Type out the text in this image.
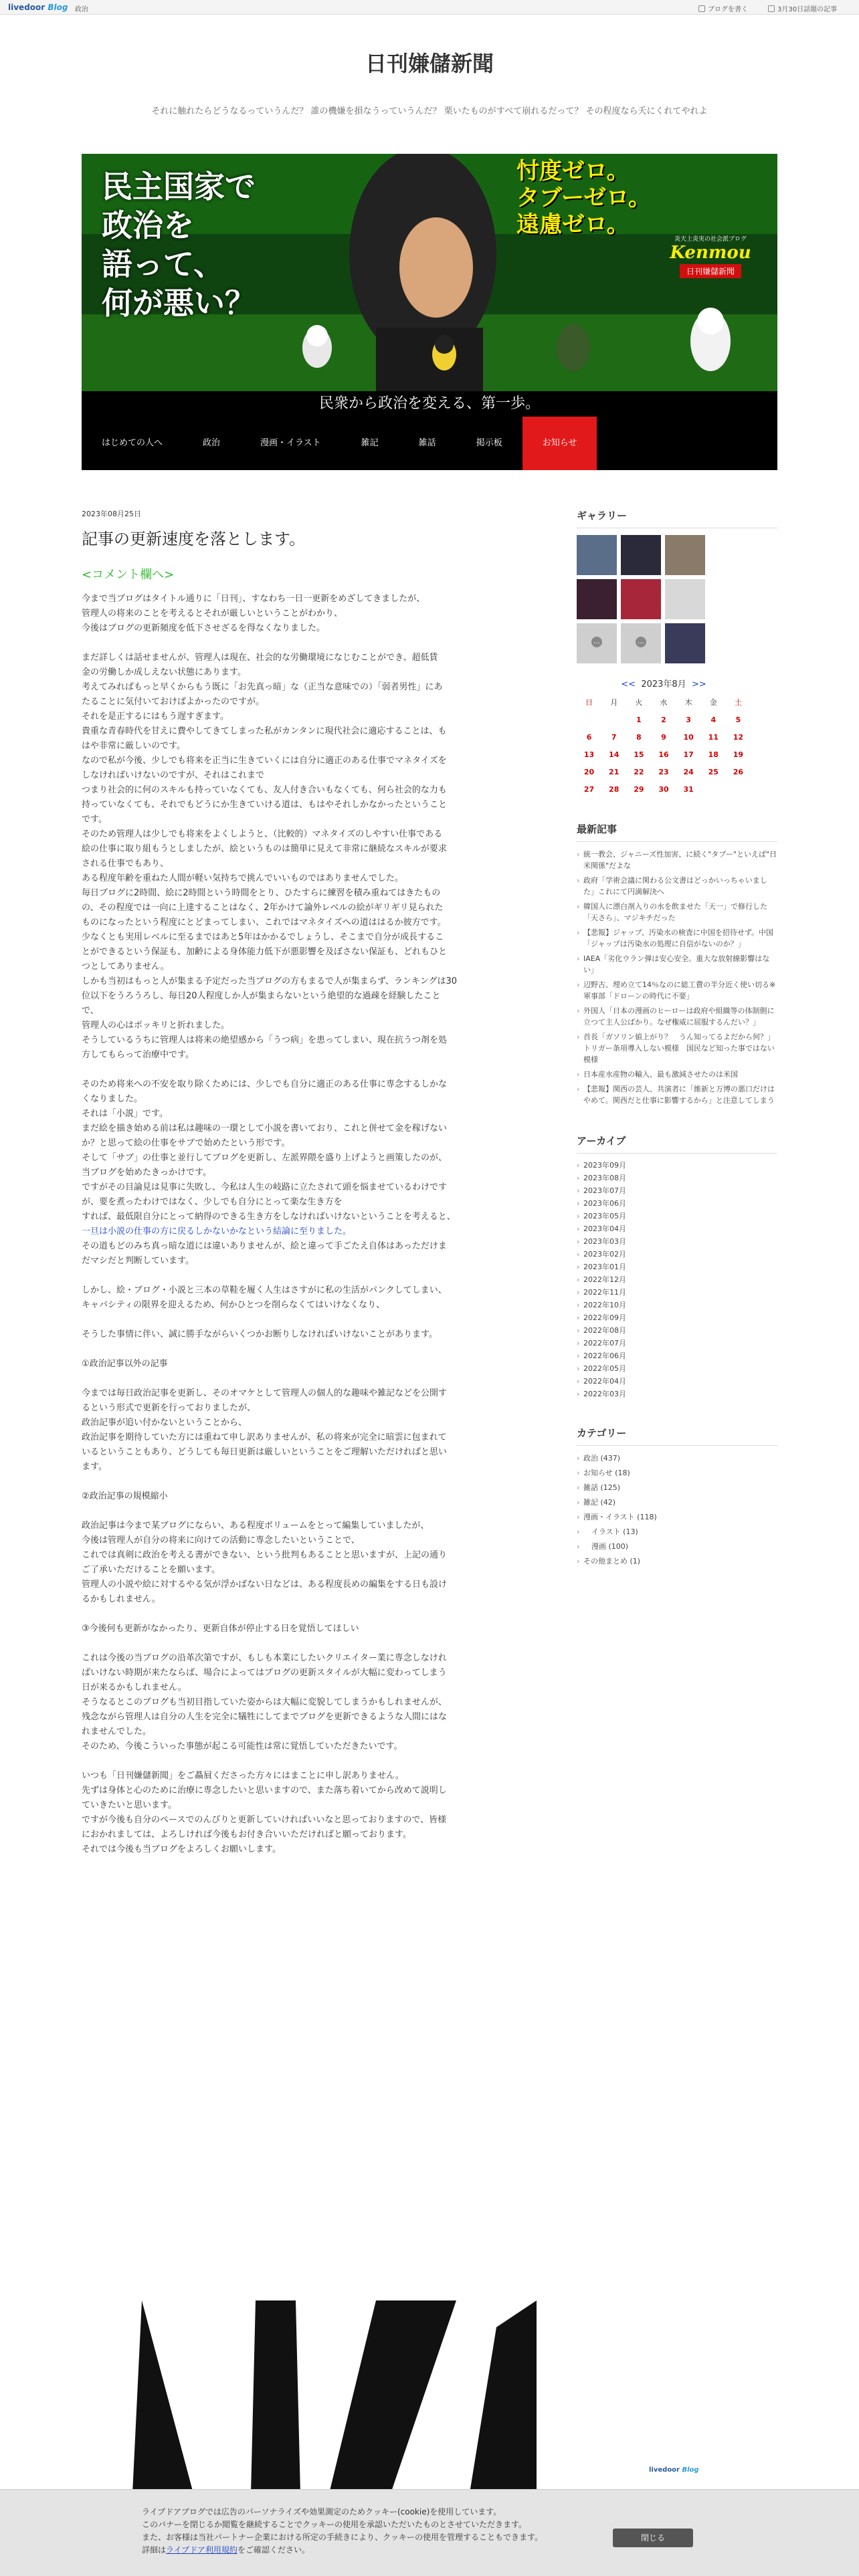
livedoor Blog 政治	ブログを書く	3月30日話題の記事
日刊嫌儲新聞
それに触れたらどうなるっていうんだ？ 誰の機嫌を損なうっていうんだ？ 栗いたものがすべて崩れるだって？ その程度なら夭にくれてやれよ
民主国家で
政治を
語って、
何が悪い？
忖度ゼロ。
タブーゼロ。
遠慮ゼロ。
炎天上炎実の社会派ブログ
Kenmou
日刊嫌儲新聞
民衆から政治を変える、第一歩。
はじめての人へ	政治	漫画・イラスト	雑記	雑話	掲示板	お知らせ
2023年08月25日
記事の更新速度を落とします。
<コメント欄へ>

今まで当ブログはタイトル通りに「日刊」、すなわち一日一更新をめざしてきましたが、

管理人の将来のことを考えるとそれが厳しいということがわかり、

今後はブログの更新頻度を低下させざるを得なくなりました。

まだ詳しくは話せませんが、管理人は現在、社会的な労働環境になじむことができ、超低賃

金の労働しか成しえない状態にあります。

考えてみればもっと早くからもう既に「お先真っ暗」な（正当な意味での）「弱者男性」にあ

たることに気付いておけばよかったのですが。

それを是正するにはもう遅すぎます。

貴重な青春時代を甘えに費やしてきてしまった私がカンタンに現代社会に適応することは、も

はや非常に厳しいのです。

なので私が今後、少しでも将来を正当に生きていくには自分に適正のある仕事でマネタイズを

しなければいけないのですが、それはこれまで

つまり社会的に何のスキルも持っていなくても、友人付き合いもなくても、何ら社会的な力も

持っていなくても、それでもどうにか生きていける道は、もはやそれしかなかったということ

です。

そのため管理人は少しでも将来をよくしようと、（比較的）マネタイズのしやすい仕事である

絵の仕事に取り組もうとしましたが、絵というものは簡単に見えて非常に継続なスキルが要求

される仕事でもあり、

ある程度年齢を重ねた人間が軽い気持ちで挑んでいいものではありませんでした。

毎日ブログに2時間、絵に2時間という時間をとり、ひたすらに練習を積み重ねてはきたもの

の、その程度では一向に上達することはなく、2年かけて論外レベルの絵がギリギリ見られた

ものになったという程度にとどまってしまい、これではマネタイズへの道ははるか彼方です。

少なくとも実用レベルに至るまではあと5年はかかるでしょうし、そこまで自分が成長するこ

とができるという保証も、加齢による身体能力低下が悪影響を及ぼさない保証も、どれもひと

つとしてありません。

しかも当初はもっと人が集まる予定だった当ブログの方もまるで人が集まらず、ランキングは30

位以下をうろうろし、毎日20人程度しか人が集まらないという絶望的な過疎を経験したこと

で、

管理人の心はポッキリと折れました。

そうしているうちに管理人は将来の絶望感から「うつ病」を患ってしまい、現在抗うつ剤を処

方してもらって治療中です。

そのため将来への不安を取り除くためには、少しでも自分に適正のある仕事に専念するしかな

くなりました。

それは「小説」です。

まだ絵を描き始める前は私は趣味の一環として小説を書いており、これと併せて金を稼げない

か？と思って絵の仕事をサブで始めたという形です。

そして「サブ」の仕事と並行してブログを更新し、左派界隈を盛り上げようと画策したのが、

当ブログを始めたきっかけです。

ですがその目論見は見事に失敗し、今私は人生の岐路に立たされて頭を悩ませているわけです

が、要を煮ったわけではなく、少しでも自分にとって楽な生き方を

すれば、最低限自分にとって納得のできる生き方をしなければいけないということを考えると、

一旦は小説の仕事の方に戻るしかないかなという結論に至りました。

その道もどのみち真っ暗な道には違いありませんが、絵と違って手ごたえ自体はあっただけま

だマシだと判断しています。

しかし、絵・ブログ・小説と三本の草鞋を履く人生はさすがに私の生活がパンクしてしまい、

キャパシティの限界を迎えるため、何かひとつを削らなくてはいけなくなり、

そうした事情に伴い、誠に勝手ながらいくつかお断りしなければいけないことがあります。

①政治記事以外の記事

今までは毎日政治記事を更新し、そのオマケとして管理人の個人的な趣味や雑記などを公開す

るという形式で更新を行っておりましたが、

政治記事が追い付かないということから、

政治記事を期待していた方には重ねて申し訳ありませんが、私の将来が完全に暗雲に包まれて

いるということもあり、どうしても毎日更新は厳しいということをご理解いただければと思い

ます。

②政治記事の規模縮小

政治記事は今まで某ブログにならい、ある程度ボリュームをとって編集していましたが、

今後は管理人が自分の将来に向けての活動に専念したいということで、

これでは真剣に政治を考える書ができない、という批判もあることと思いますが、上記の通り

ご了承いただけることを願います。

管理人の小説や絵に対するやる気が浮かばない日などは、ある程度長めの編集をする日も設け

るかもしれません。

③今後何も更新がなかったり、更新自体が停止する日を覚悟してほしい

これは今後の当ブログの沿革次第ですが、もしも本業にしたいクリエイター業に専念しなけれ

ばいけない時期が来たならば、場合によってはブログの更新スタイルが大幅に変わってしまう

日が来るかもしれません。

そうなるとこのブログも当初目指していた姿からは大幅に変貌してしまうかもしれませんが、

残念ながら管理人は自分の人生を完全に犠牲にしてまでブログを更新できるような人間にはな

れませんでした。

そのため、今後こういった事態が起こる可能性は常に覚悟していただきたいです。

いつも「日刊嫌儲新聞」をご贔屓くださった方々にはまことに申し訳ありません。

先ずは身体と心のために治療に専念したいと思いますので、また落ち着いてから改めて説明し

ていきたいと思います。

ですが今後も自分のペースでのんびりと更新していければいいなと思っておりますので、皆様

におかれましては、よろしければ今後もお付き合いいただければと願っております。

それでは今後も当ブログをよろしくお願いします。

ギャラリー
…	…
<< 2023年8月 >>
日	月	火	水	木	金	土
		1	2	3	4	5
6	7	8	9	10	11	12
13	14	15	16	17	18	19
20	21	22	23	24	25	26
27	28	29	30	31		
最新記事
› 統一教会、ジャニーズ性加害、に続く"タブー"といえば"日米関係"だよな
› 政府「学術会議に関わる公文書はどっかいっちゃいました」これにて円満解決へ
› 韓国人に漂白剤入りの水を飲ませた「天一」で修行した「天さら」、マジキチだった
› 【悲報】ジャップ、汚染水の検査に中国を招待せず。中国「ジャップは汚染水の処理に自信がないのか？」
› IAEA「劣化ウラン弾は安心安全。重大な放射線影響はない」
› 辺野古、埋め立て14％なのに総工費の半分近く使い切る※軍事部「ドローンの時代に不要」
› 外国人「日本の漫画のヒーローは政府や組織等の体制側に立つて主人公ばかり。なぜ権威に屈服するんだい？」
› 首長「ガソリン値上がり？　うん知ってるよだから何？」　トリガー条項導入しない模様　国民など知った事ではない模様
› 日本産水産物の輸入、最も激減させたのは米国
› 【悲報】関西の芸人、共演者に「維新と万博の悪口だけはやめて。関西だと仕事に影響するから」と注意してしまう
アーカイブ
› 2023年09月
› 2023年08月
› 2023年07月
› 2023年06月
› 2023年05月
› 2023年04月
› 2023年03月
› 2023年02月
› 2023年01月
› 2022年12月
› 2022年11月
› 2022年10月
› 2022年09月
› 2022年08月
› 2022年07月
› 2022年06月
› 2022年05月
› 2022年04月
› 2022年03月
カテゴリー
› 政治 (437)
› お知らせ (18)
› 雑話 (125)
› 雑記 (42)
› 漫画・イラスト (118)
› イラスト (13)
› 漫画 (100)
› その他まとめ (1)
livedoor Blog
ライブドアブログでは広告のパーソナライズや効果測定のためクッキー(cookie)を使用しています。
このバナーを閉じるか閲覧を継続することでクッキーの使用を承認いただいたものとさせていただきます。
また、お客様は当社パートナー企業における所定の手続きにより、クッキーの使用を管理することもできます。
詳細はライブドア利用規約をご確認ください。
閉じる
